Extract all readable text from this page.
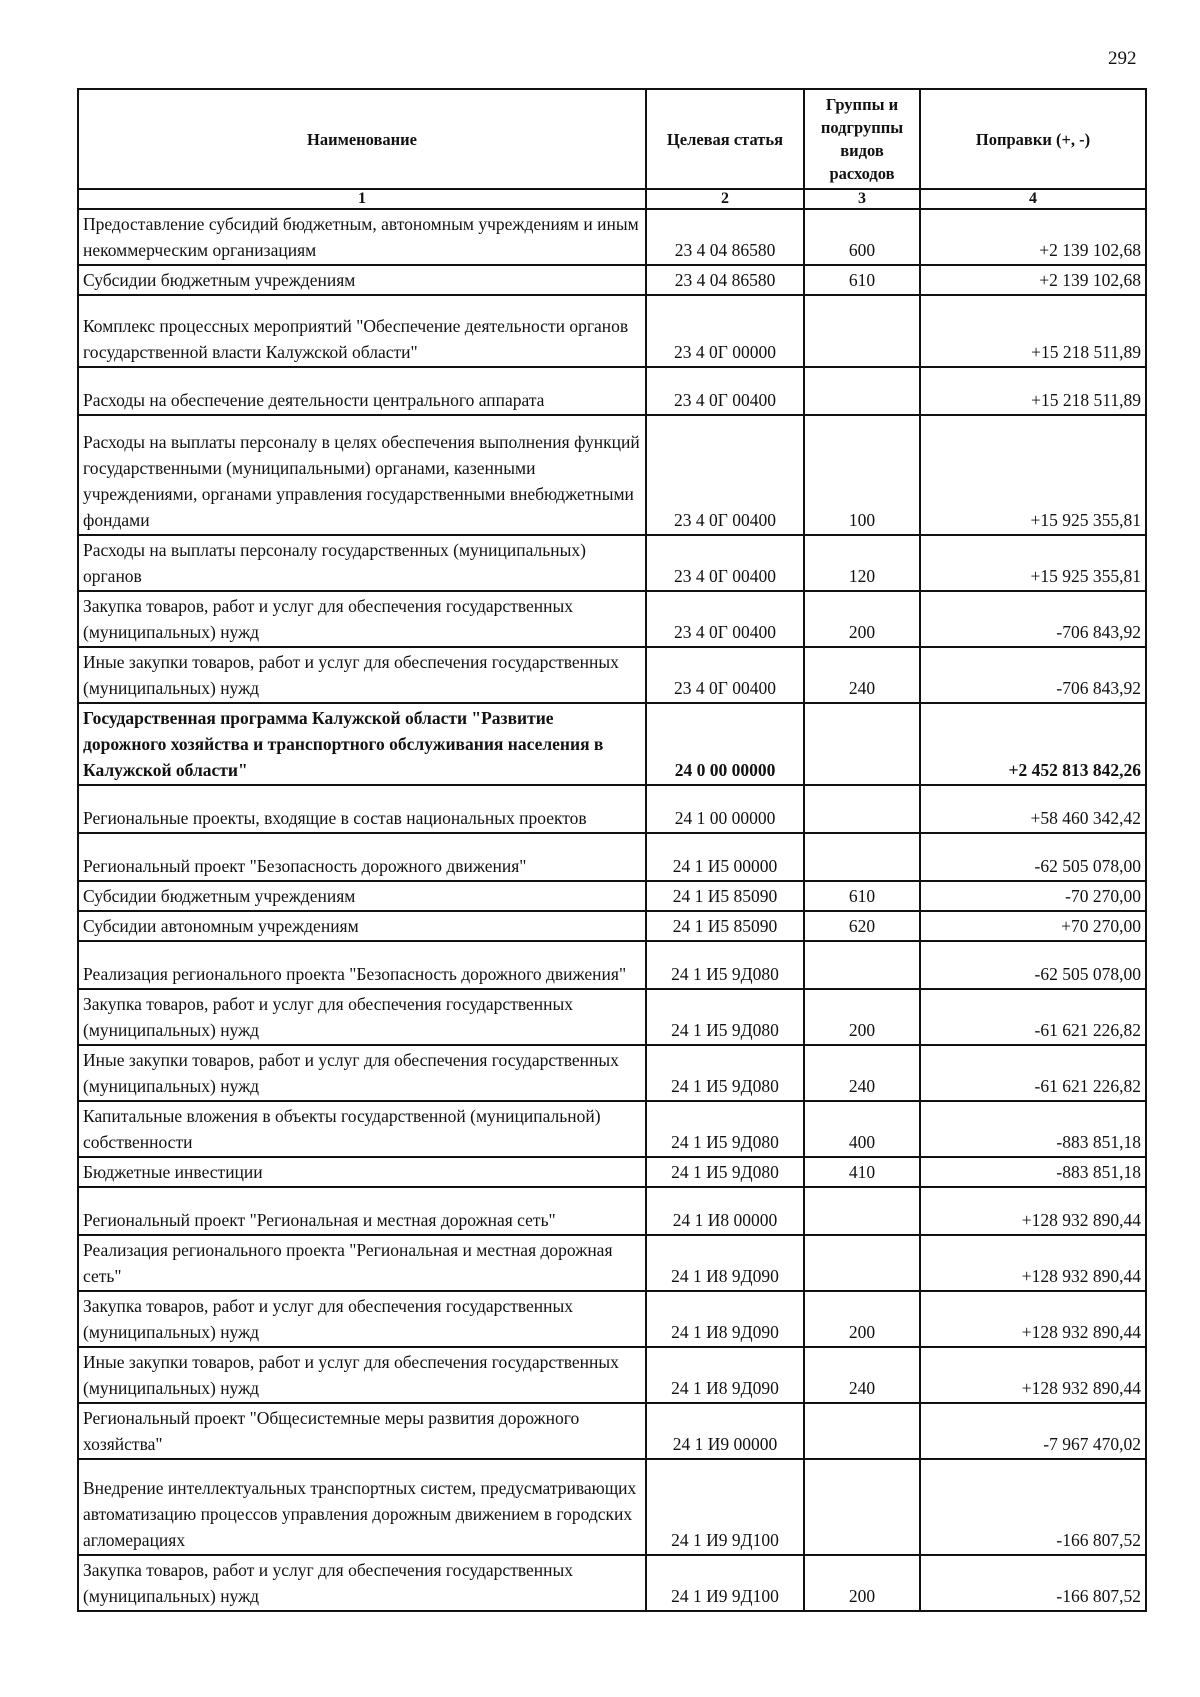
292
Наименование	Целевая статья	Группы и подгруппы видов расходов	Поправки (+, -)
1	2	3	4
Предоставление субсидий бюджетным, автономным учреждениям и иным некоммерческим организациям	23 4 04 86580	600	+2 139 102,68
Субсидии бюджетным учреждениям	23 4 04 86580	610	+2 139 102,68
Комплекс процессных мероприятий "Обеспечение деятельности органов государственной власти Калужской области"	23 4 0Г 00000		+15 218 511,89
Расходы на обеспечение деятельности центрального аппарата	23 4 0Г 00400		+15 218 511,89
Расходы на выплаты персоналу в целях обеспечения выполнения функций государственными (муниципальными) органами, казенными учреждениями, органами управления государственными внебюджетными фондами	23 4 0Г 00400	100	+15 925 355,81
Расходы на выплаты персоналу государственных (муниципальных) органов	23 4 0Г 00400	120	+15 925 355,81
Закупка товаров, работ и услуг для обеспечения государственных (муниципальных) нужд	23 4 0Г 00400	200	-706 843,92
Иные закупки товаров, работ и услуг для обеспечения государственных (муниципальных) нужд	23 4 0Г 00400	240	-706 843,92
Государственная программа Калужской области "Развитие дорожного хозяйства и транспортного обслуживания населения в Калужской области"	24 0 00 00000		+2 452 813 842,26
Региональные проекты, входящие в состав национальных проектов	24 1 00 00000		+58 460 342,42
Региональный проект "Безопасность дорожного движения"	24 1 И5 00000		-62 505 078,00
Субсидии бюджетным учреждениям	24 1 И5 85090	610	-70 270,00
Субсидии автономным учреждениям	24 1 И5 85090	620	+70 270,00
Реализация регионального проекта "Безопасность дорожного движения"	24 1 И5 9Д080		-62 505 078,00
Закупка товаров, работ и услуг для обеспечения государственных (муниципальных) нужд	24 1 И5 9Д080	200	-61 621 226,82
Иные закупки товаров, работ и услуг для обеспечения государственных (муниципальных) нужд	24 1 И5 9Д080	240	-61 621 226,82
Капитальные вложения в объекты государственной (муниципальной) собственности	24 1 И5 9Д080	400	-883 851,18
Бюджетные инвестиции	24 1 И5 9Д080	410	-883 851,18
Региональный проект "Региональная и местная дорожная сеть"	24 1 И8 00000		+128 932 890,44
Реализация регионального проекта "Региональная и местная дорожная сеть"	24 1 И8 9Д090		+128 932 890,44
Закупка товаров, работ и услуг для обеспечения государственных (муниципальных) нужд	24 1 И8 9Д090	200	+128 932 890,44
Иные закупки товаров, работ и услуг для обеспечения государственных (муниципальных) нужд	24 1 И8 9Д090	240	+128 932 890,44
Региональный проект "Общесистемные меры развития дорожного хозяйства"	24 1 И9 00000		-7 967 470,02
Внедрение интеллектуальных транспортных систем, предусматривающих автоматизацию процессов управления дорожным движением в городских агломерациях	24 1 И9 9Д100		-166 807,52
Закупка товаров, работ и услуг для обеспечения государственных (муниципальных) нужд	24 1 И9 9Д100	200	-166 807,52
